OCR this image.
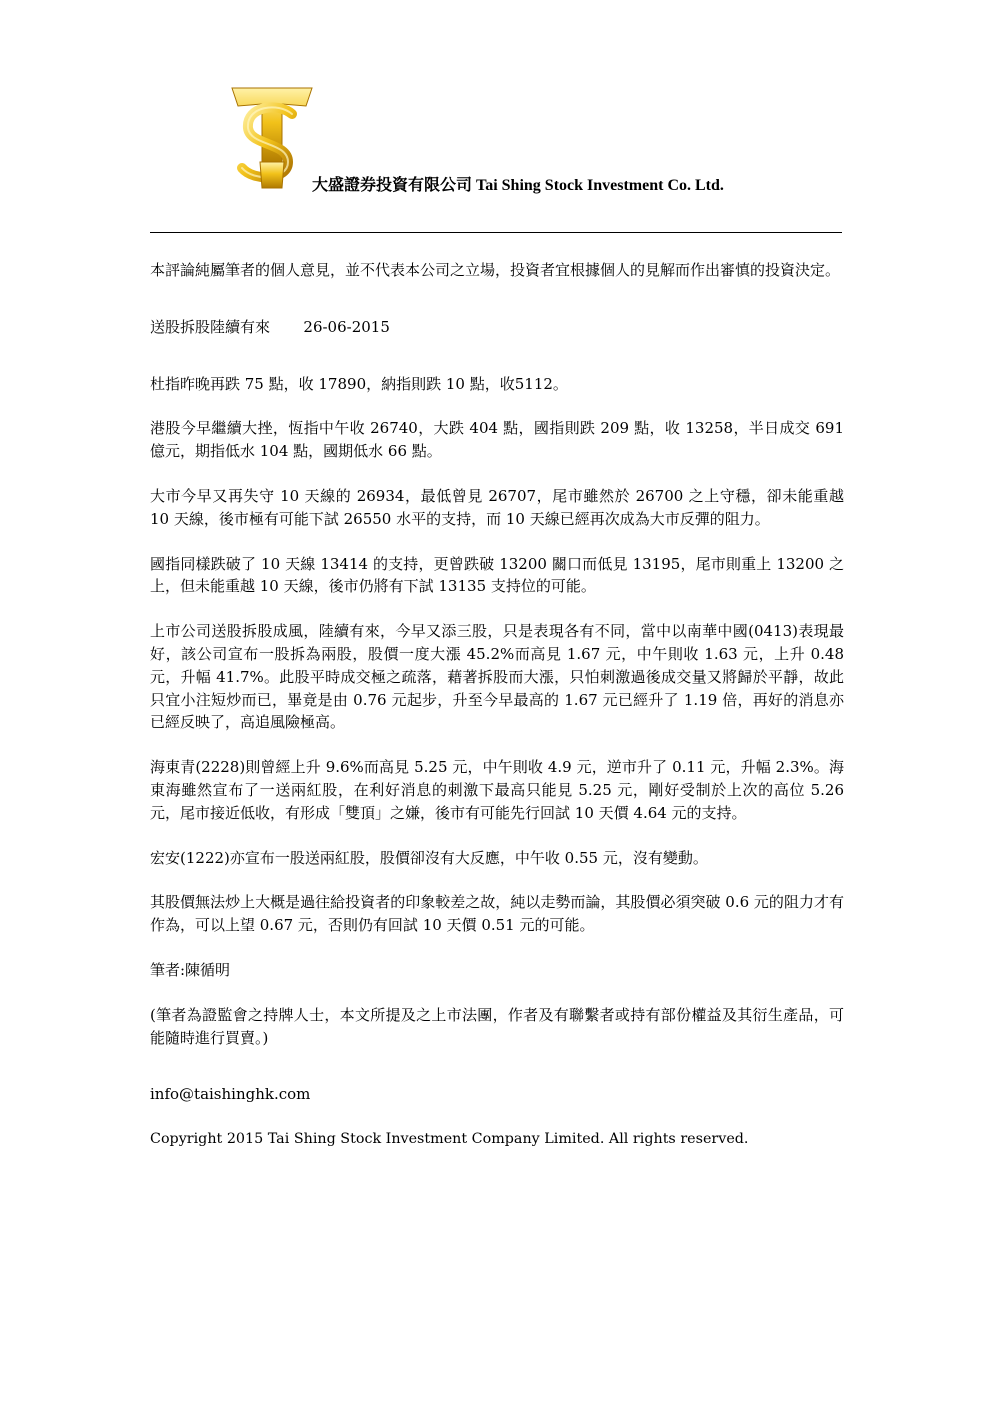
大盛證券投資有限公司 Tai Shing Stock Investment Co. Ltd.

本評論純屬筆者的個人意見，並不代表本公司之立場，投資者宜根據個人的見解而作出審慎的投資決定。

送股拆股陸續有來 26-06-2015

杜指昨晚再跌 75 點，收 17890，納指則跌 10 點，收5112。

港股今早繼續大挫，恆指中午收 26740，大跌 404 點，國指則跌 209 點，收 13258，半日成交 691 億元，期指低水 104 點，國期低水 66 點。

大市今早又再失守 10 天線的 26934，最低曾見 26707，尾市雖然於 26700 之上守穩，卻未能重越 10 天線，後市極有可能下試 26550 水平的支持，而 10 天線已經再次成為大市反彈的阻力。

國指同樣跌破了 10 天線 13414 的支持，更曾跌破 13200 關口而低見 13195，尾市則重上 13200 之上，但未能重越 10 天線，後市仍將有下試 13135 支持位的可能。

上市公司送股拆股成風，陸續有來，今早又添三股，只是表現各有不同，當中以南華中國(0413)表現最好，該公司宣布一股拆為兩股，股價一度大漲 45.2%而高見 1.67 元，中午則收 1.63 元，上升 0.48 元，升幅 41.7%。此股平時成交極之疏落，藉著拆股而大漲，只怕刺激過後成交量又將歸於平靜，故此只宜小注短炒而已，畢竟是由 0.76 元起步，升至今早最高的 1.67 元已經升了 1.19 倍，再好的消息亦已經反映了，高追風險極高。

海東青(2228)則曾經上升 9.6%而高見 5.25 元，中午則收 4.9 元，逆市升了 0.11 元，升幅 2.3%。海東海雖然宣布了一送兩紅股，在利好消息的刺激下最高只能見 5.25 元，剛好受制於上次的高位 5.26 元，尾市接近低收，有形成「雙頂」之嫌，後市有可能先行回試 10 天價 4.64 元的支持。

宏安(1222)亦宣布一股送兩紅股，股價卻沒有大反應，中午收 0.55 元，沒有變動。

其股價無法炒上大概是過往給投資者的印象較差之故，純以走勢而論，其股價必須突破 0.6 元的阻力才有作為，可以上望 0.67 元，否則仍有回試 10 天價 0.51 元的可能。

筆者:陳循明

(筆者為證監會之持牌人士，本文所提及之上市法團，作者及有聯繫者或持有部份權益及其衍生產品，可能隨時進行買賣。)

info@taishinghk.com

Copyright 2015 Tai Shing Stock Investment Company Limited. All rights reserved.
